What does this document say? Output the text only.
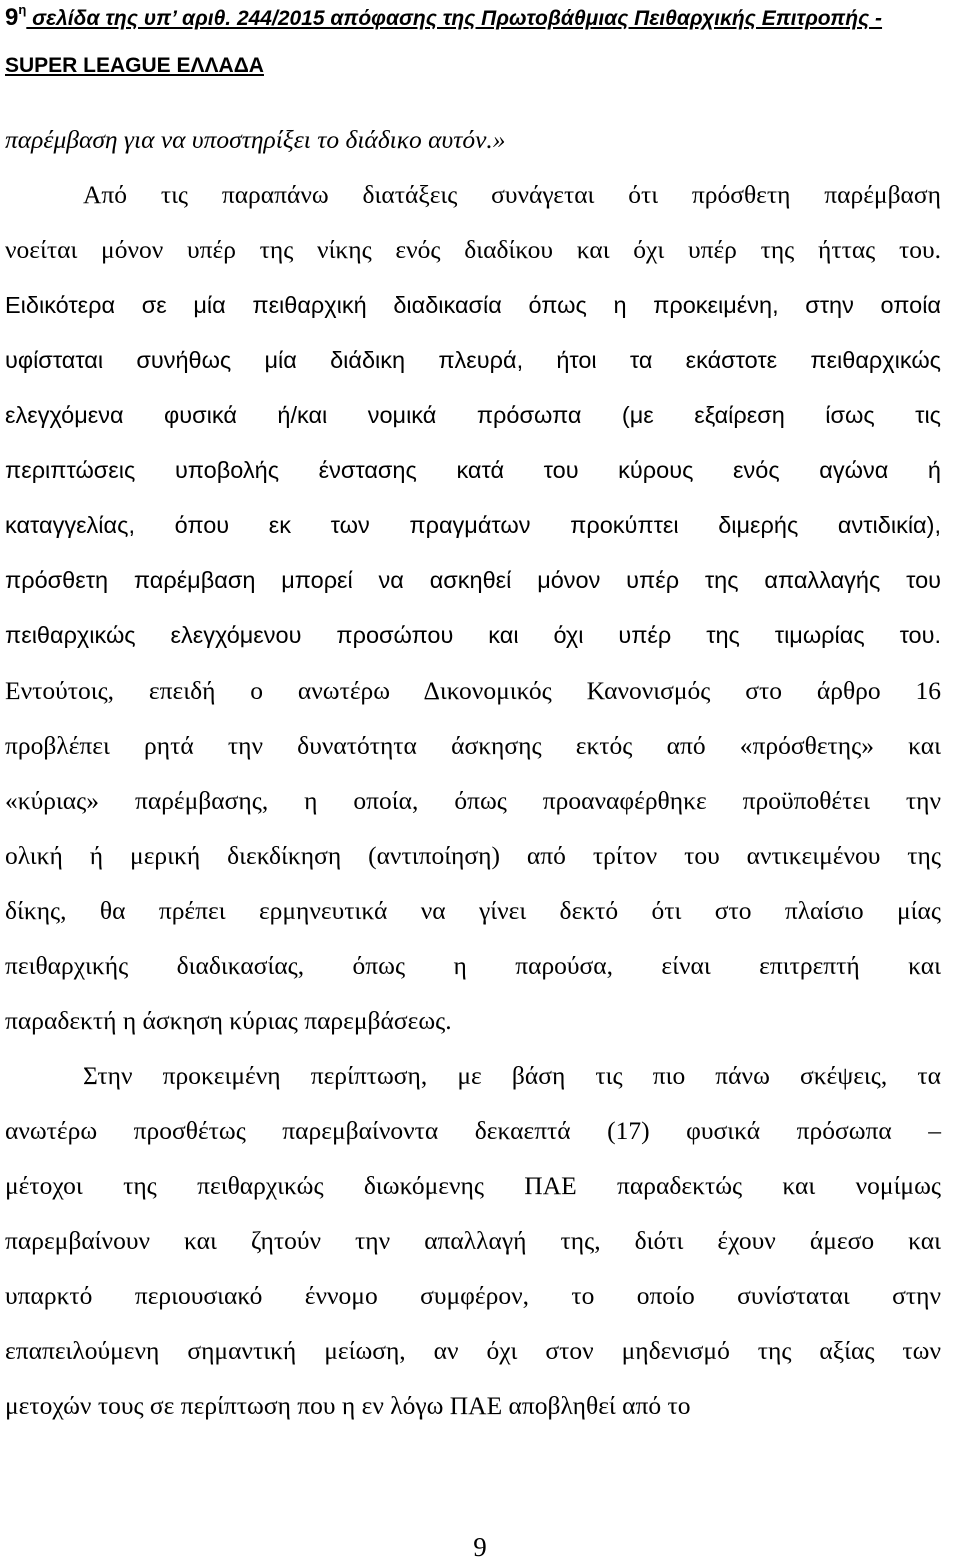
$9^\eta$ σελίδα της υπ’ αριθ. 244/2015 απόφασης της Πρωτοβάθμιας Πειθαρχικής Επιτροπής -
SUPER LEAGUE ΕΛΛΑΔΑ
παρέμβαση για να υποστηρίξει το διάδικο αυτόν.»
Από τις παραπάνω διατάξεις συνάγεται ότι πρόσθετη παρέμβαση
νοείται μόνον υπέρ της νίκης ενός διαδίκου και όχι υπέρ της ήττας του.
Ειδικότερα σε μία πειθαρχική διαδικασία όπως η προκειμένη, στην οποία
υφίσταται συνήθως μία διάδικη πλευρά, ήτοι τα εκάστοτε πειθαρχικώς
ελεγχόμενα φυσικά ή/και νομικά πρόσωπα (με εξαίρεση ίσως τις
περιπτώσεις υποβολής ένστασης κατά του κύρους ενός αγώνα ή
καταγγελίας, όπου εκ των πραγμάτων προκύπτει διμερής αντιδικία),
πρόσθετη παρέμβαση μπορεί να ασκηθεί μόνον υπέρ της απαλλαγής του
πειθαρχικώς ελεγχόμενου προσώπου και όχι υπέρ της τιμωρίας του.
Εντούτοις, επειδή ο ανωτέρω Δικονομικός Κανονισμός στο άρθρο 16
προβλέπει ρητά την δυνατότητα άσκησης εκτός από «πρόσθετης» και
«κύριας» παρέμβασης, η οποία, όπως προαναφέρθηκε προϋποθέτει την
ολική ή μερική διεκδίκηση (αντιποίηση) από τρίτον του αντικειμένου της
δίκης, θα πρέπει ερμηνευτικά να γίνει δεκτό ότι στο πλαίσιο μίας
πειθαρχικής διαδικασίας, όπως η παρούσα, είναι επιτρεπτή και
παραδεκτή η άσκηση κύριας παρεμβάσεως.
Στην προκειμένη περίπτωση, με βάση τις πιο πάνω σκέψεις, τα
ανωτέρω προσθέτως παρεμβαίνοντα δεκαεπτά (17) φυσικά πρόσωπα –
μέτοχοι της πειθαρχικώς διωκόμενης ΠΑΕ παραδεκτώς και νομίμως
παρεμβαίνουν και ζητούν την απαλλαγή της, διότι έχουν άμεσο και
υπαρκτό περιουσιακό έννομο συμφέρον, το οποίο συνίσταται στην
επαπειλούμενη σημαντική μείωση, αν όχι στον μηδενισμό της αξίας των
μετοχών τους σε περίπτωση που η εν λόγω ΠΑΕ αποβληθεί από το
9
